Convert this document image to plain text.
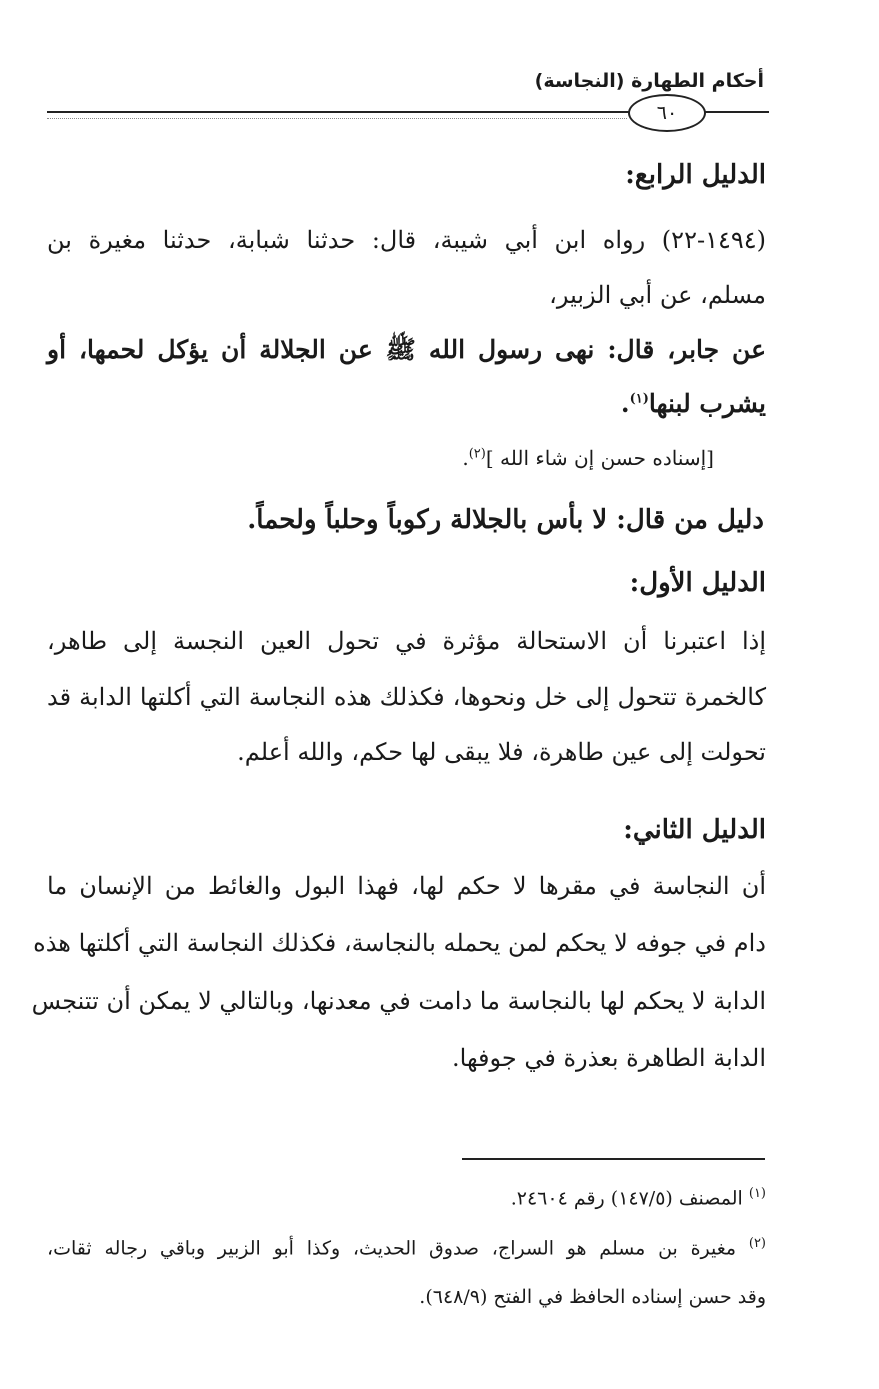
أحكام الطهارة (النجاسة)
٦٠
الدليل الرابع:
(١٤٩٤-٢٢) رواه ابن أبي شيبة، قال: حدثنا شبابة، حدثنا مغيرة بن
مسلم، عن أبي الزبير،
عن جابر، قال: نهى رسول الله ﷺ عن الجلالة أن يؤكل لحمها، أو
يشرب لبنها$^{(١)}$.
[إسناده حسن إن شاء الله ]$^{(٢)}$.
دليل من قال: لا بأس بالجلالة ركوباً وحلباً ولحماً.
الدليل الأول:
إذا اعتبرنا أن الاستحالة مؤثرة في تحول العين النجسة إلى طاهر،
كالخمرة تتحول إلى خل ونحوها، فكذلك هذه النجاسة التي أكلتها الدابة قد
تحولت إلى عين طاهرة، فلا يبقى لها حكم، والله أعلم.
الدليل الثاني:
أن النجاسة في مقرها لا حكم لها، فهذا البول والغائط من الإنسان ما
دام في جوفه لا يحكم لمن يحمله بالنجاسة، فكذلك النجاسة التي أكلتها هذه
الدابة لا يحكم لها بالنجاسة ما دامت في معدنها، وبالتالي لا يمكن أن تتنجس
الدابة الطاهرة بعذرة في جوفها.
$^{(١)}$ المصنف (١٤٧/٥) رقم ٢٤٦٠٤.
$^{(٢)}$ مغيرة بن مسلم هو السراج، صدوق الحديث، وكذا أبو الزبير وباقي رجاله ثقات،
وقد حسن إسناده الحافظ في الفتح (٦٤٨/٩).
